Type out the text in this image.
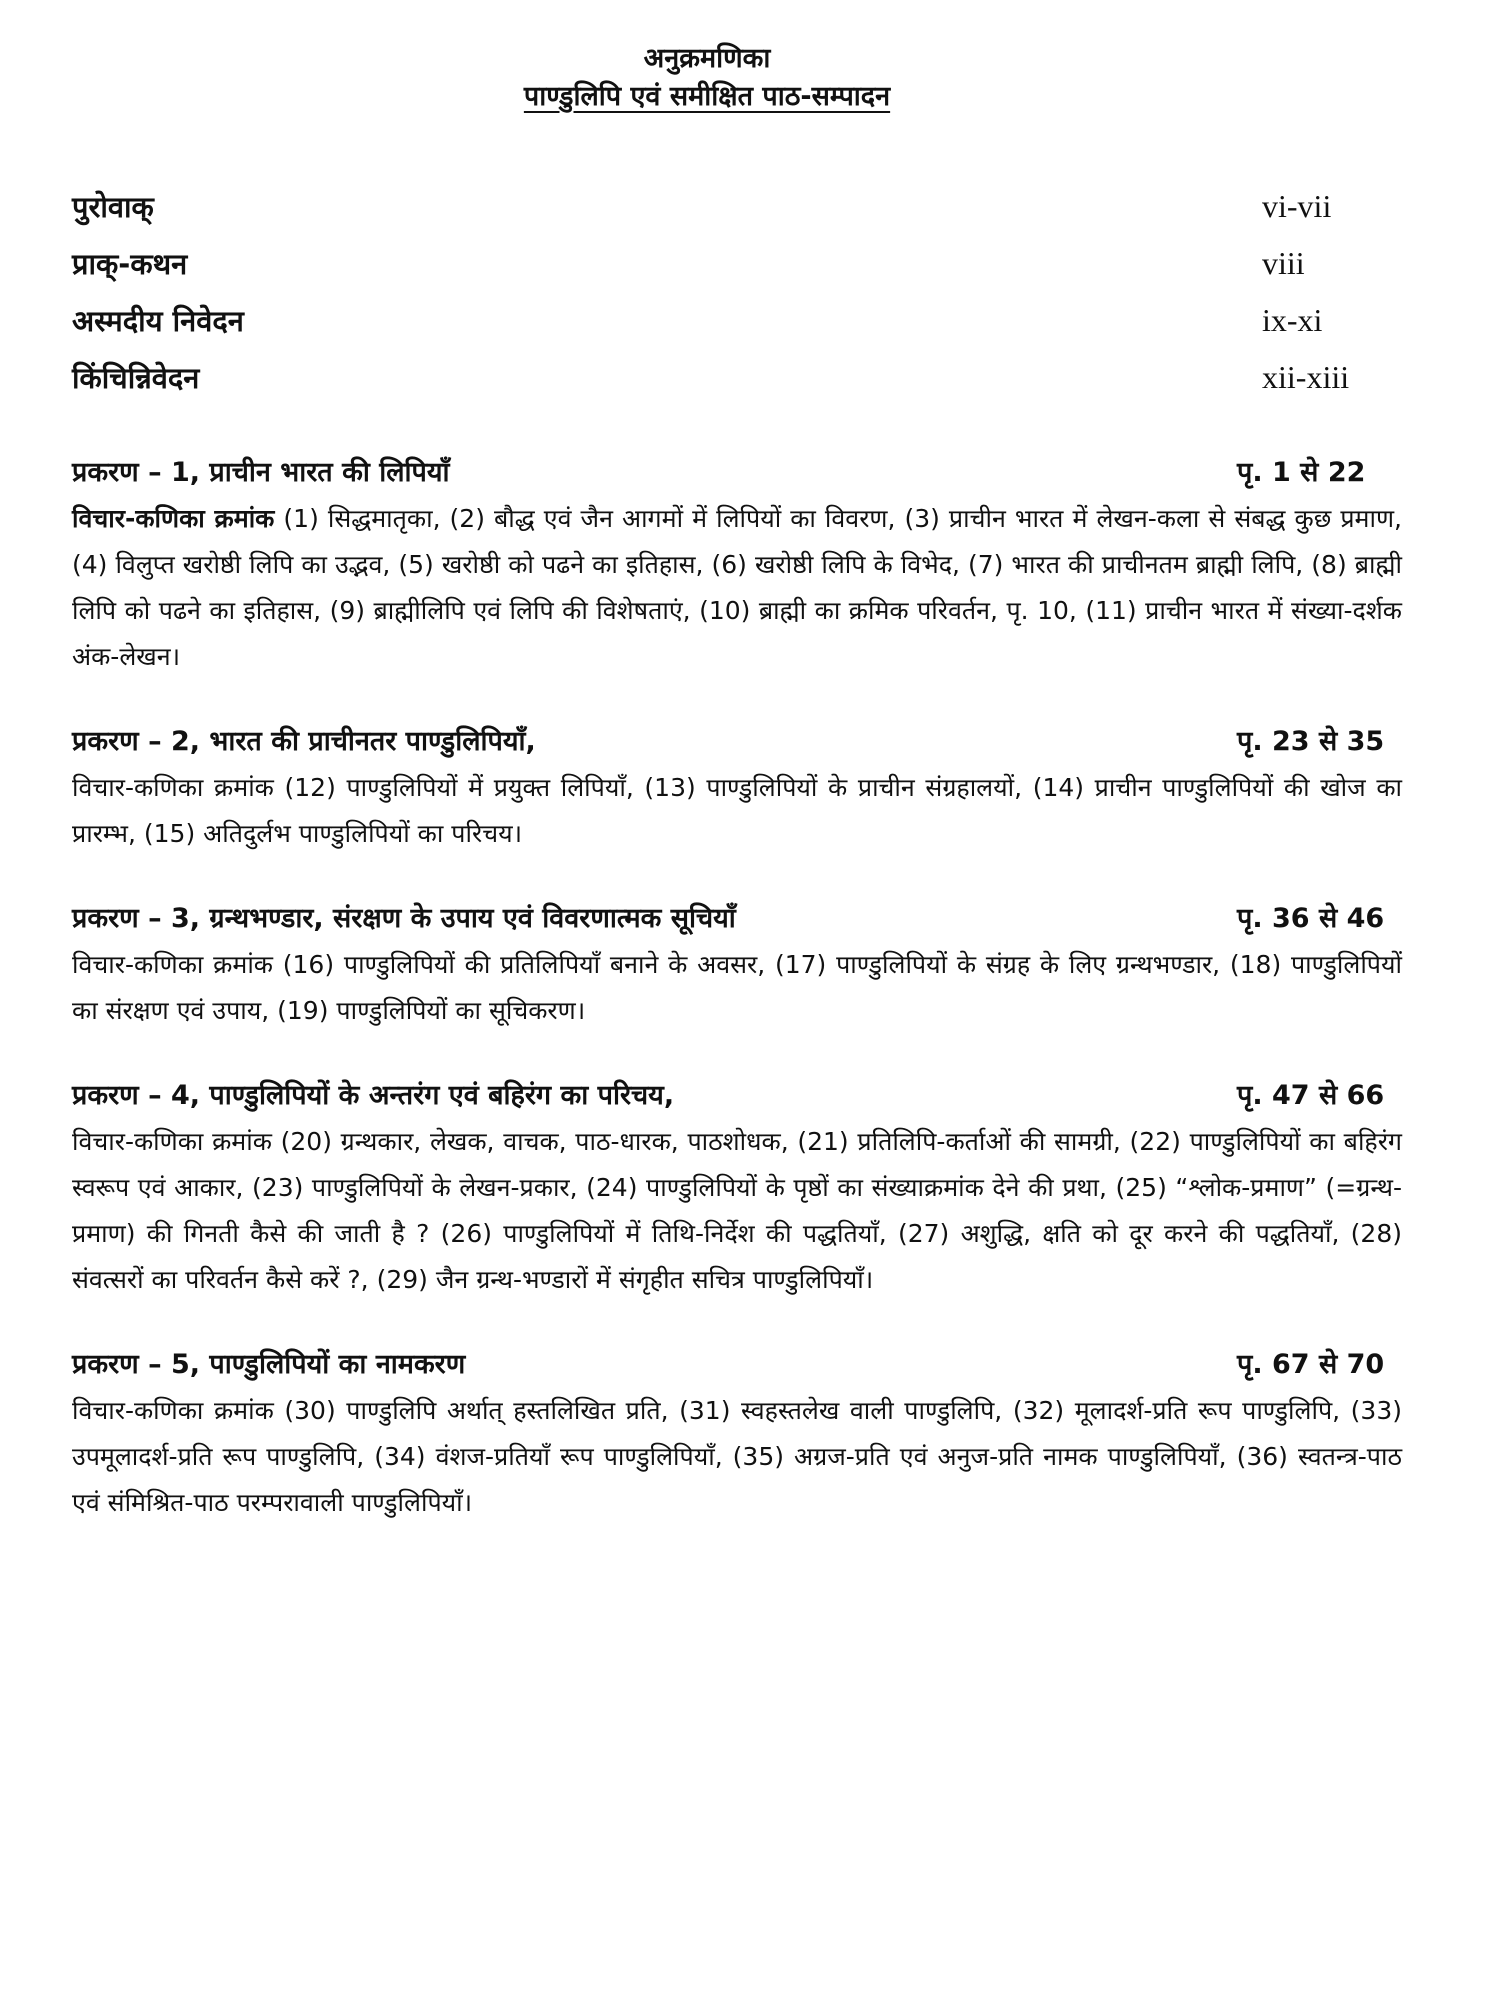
अनुक्रमणिका
पाण्डुलिपि एवं समीक्षित पाठ-सम्पादन
पुरोवाक्	vi-vii
प्राक्-कथन	viii
अस्मदीय निवेदन	ix-xi
किंचिन्निवेदन	xii-xiii
प्रकरण – 1, प्राचीन भारत की लिपियाँ	पृ. 1 से 22
विचार-कणिका क्रमांक (1) सिद्धमातृका, (2) बौद्ध एवं जैन आगमों में लिपियों का विवरण, (3) प्राचीन भारत में लेखन-कला से संबद्ध कुछ प्रमाण, (4) विलुप्त खरोष्ठी लिपि का उद्भव, (5) खरोष्ठी को पढने का इतिहास, (6) खरोष्ठी लिपि के विभेद, (7) भारत की प्राचीनतम ब्राह्मी लिपि, (8) ब्राह्मी लिपि को पढने का इतिहास, (9) ब्राह्मीलिपि एवं लिपि की विशेषताएं, (10) ब्राह्मी का क्रमिक परिवर्तन, पृ. 10, (11) प्राचीन भारत में संख्या-दर्शक अंक-लेखन।
प्रकरण – 2, भारत की प्राचीनतर पाण्डुलिपियाँ,	पृ. 23 से 35
विचार-कणिका क्रमांक (12) पाण्डुलिपियों में प्रयुक्त लिपियाँ, (13) पाण्डुलिपियों के प्राचीन संग्रहालयों, (14) प्राचीन पाण्डुलिपियों की खोज का प्रारम्भ, (15) अतिदुर्लभ पाण्डुलिपियों का परिचय।
प्रकरण – 3, ग्रन्थभण्डार, संरक्षण के उपाय एवं विवरणात्मक सूचियाँ	पृ. 36 से 46
विचार-कणिका क्रमांक (16) पाण्डुलिपियों की प्रतिलिपियाँ बनाने के अवसर, (17) पाण्डुलिपियों के संग्रह के लिए ग्रन्थभण्डार, (18) पाण्डुलिपियों का संरक्षण एवं उपाय, (19) पाण्डुलिपियों का सूचिकरण।
प्रकरण – 4, पाण्डुलिपियों के अन्तरंग एवं बहिरंग का परिचय,	पृ. 47 से 66
विचार-कणिका क्रमांक (20) ग्रन्थकार, लेखक, वाचक, पाठ-धारक, पाठशोधक, (21) प्रतिलिपि-कर्ताओं की सामग्री, (22) पाण्डुलिपियों का बहिरंग स्वरूप एवं आकार, (23) पाण्डुलिपियों के लेखन-प्रकार, (24) पाण्डुलिपियों के पृष्ठों का संख्याक्रमांक देने की प्रथा, (25) “श्लोक-प्रमाण” (=ग्रन्थ-प्रमाण) की गिनती कैसे की जाती है ? (26) पाण्डुलिपियों में तिथि-निर्देश की पद्धतियाँ, (27) अशुद्धि, क्षति को दूर करने की पद्धतियाँ, (28) संवत्सरों का परिवर्तन कैसे करें ?, (29) जैन ग्रन्थ-भण्डारों में संगृहीत सचित्र पाण्डुलिपियाँ।
प्रकरण – 5, पाण्डुलिपियों का नामकरण	पृ. 67 से 70
विचार-कणिका क्रमांक (30) पाण्डुलिपि अर्थात् हस्तलिखित प्रति, (31) स्वहस्तलेख वाली पाण्डुलिपि, (32) मूलादर्श-प्रति रूप पाण्डुलिपि, (33) उपमूलादर्श-प्रति रूप पाण्डुलिपि, (34) वंशज-प्रतियाँ रूप पाण्डुलिपियाँ, (35) अग्रज-प्रति एवं अनुज-प्रति नामक पाण्डुलिपियाँ, (36) स्वतन्त्र-पाठ एवं संमिश्रित-पाठ परम्परावाली पाण्डुलिपियाँ।
